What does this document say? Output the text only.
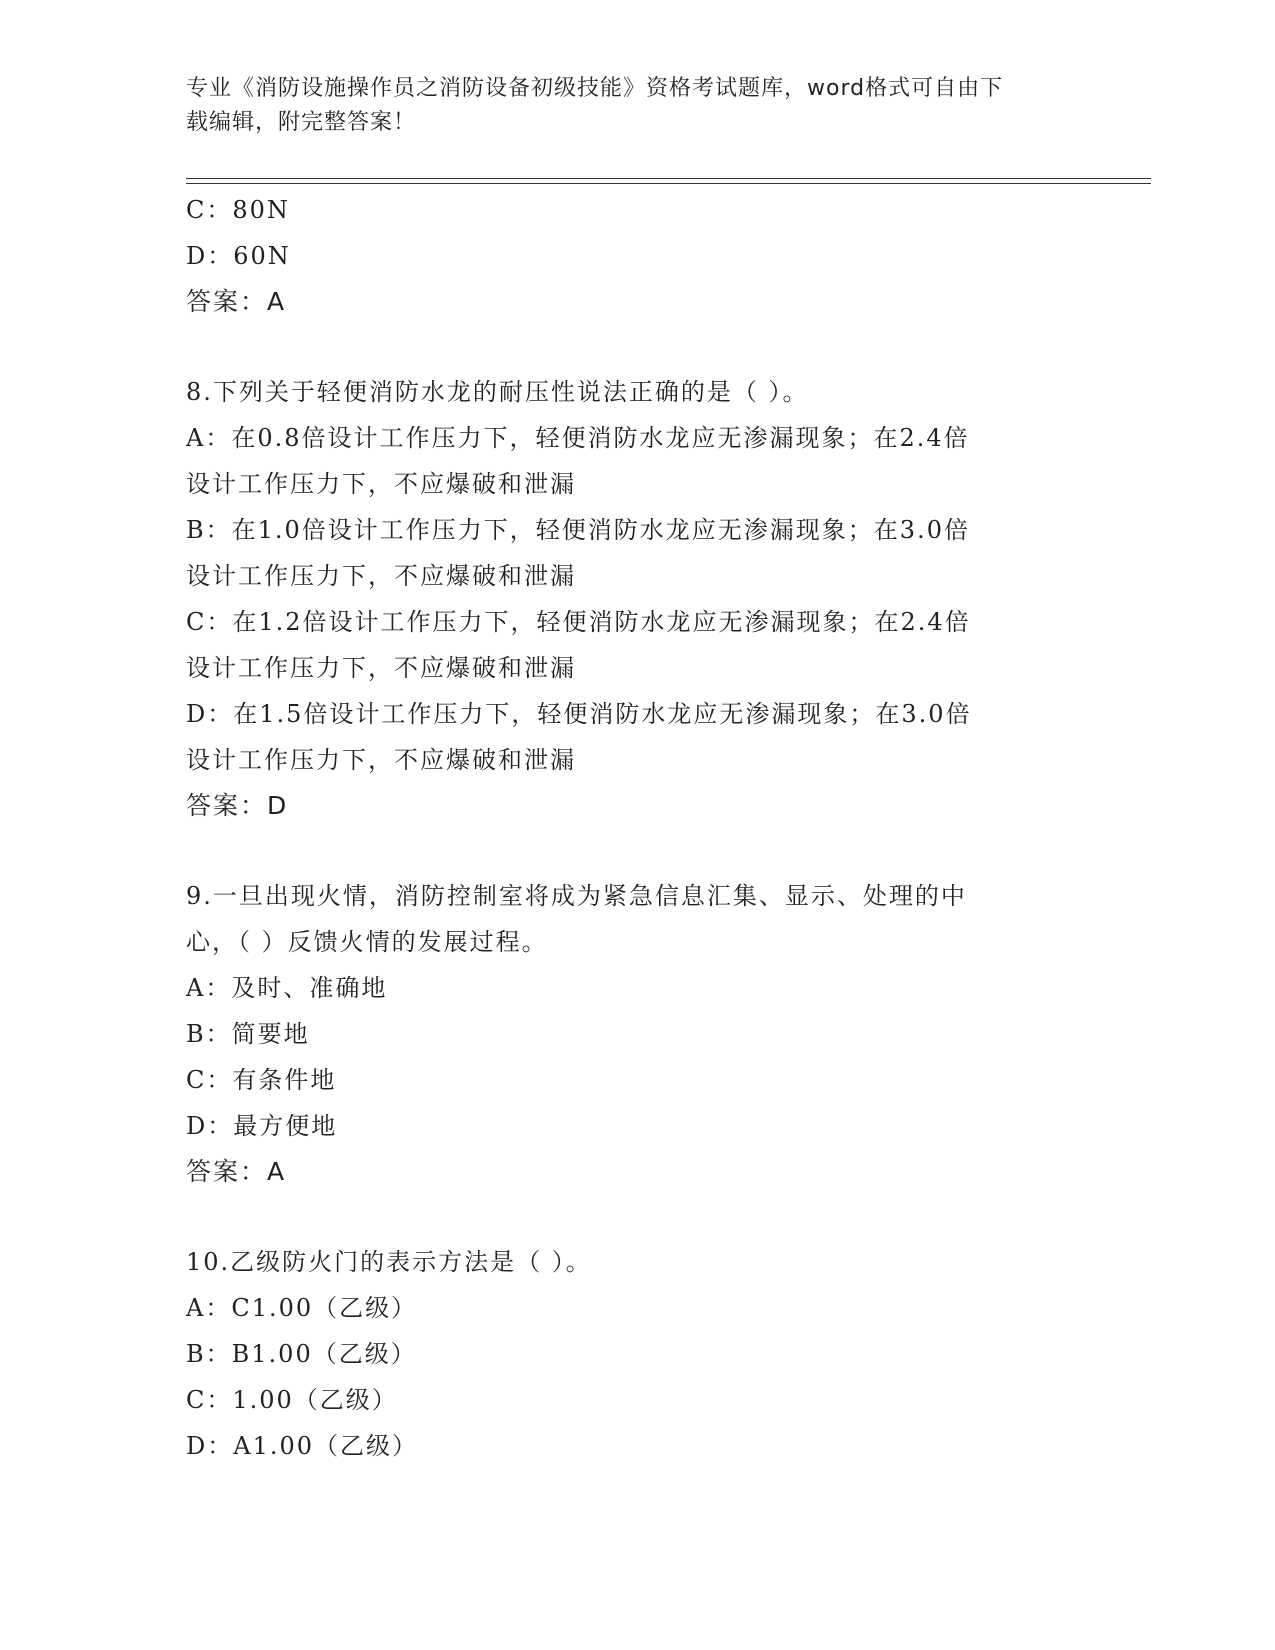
专业《消防设施操作员之消防设备初级技能》资格考试题库，word格式可自由下
载编辑，附完整答案！
C：80N
D：60N
答案：A
8.下列关于轻便消防水龙的耐压性说法正确的是（ ）。
A：在0.8倍设计工作压力下，轻便消防水龙应无渗漏现象；在2.4倍
设计工作压力下，不应爆破和泄漏
B：在1.0倍设计工作压力下，轻便消防水龙应无渗漏现象；在3.0倍
设计工作压力下，不应爆破和泄漏
C：在1.2倍设计工作压力下，轻便消防水龙应无渗漏现象；在2.4倍
设计工作压力下，不应爆破和泄漏
D：在1.5倍设计工作压力下，轻便消防水龙应无渗漏现象；在3.0倍
设计工作压力下，不应爆破和泄漏
答案：D
9.一旦出现火情，消防控制室将成为紧急信息汇集、显示、处理的中
心，（ ）反馈火情的发展过程。
A：及时、准确地
B：简要地
C：有条件地
D：最方便地
答案：A
10.乙级防火门的表示方法是（ ）。
A：C1.00（乙级）
B：B1.00（乙级）
C：1.00（乙级）
D：A1.00（乙级）
